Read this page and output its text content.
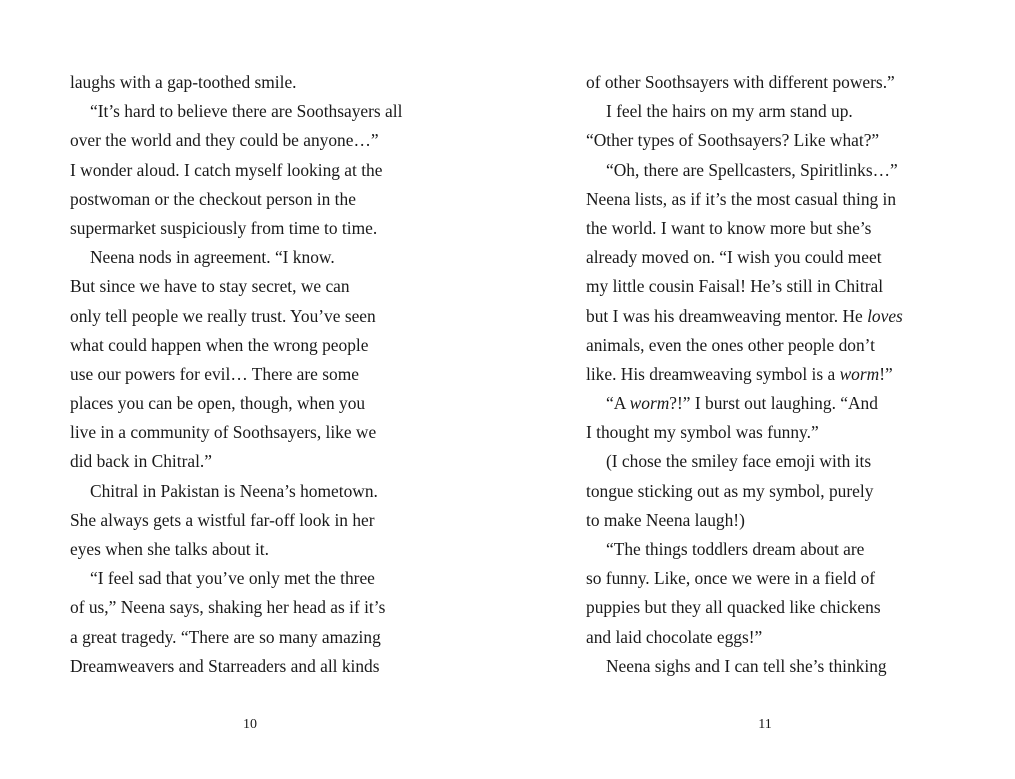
laughs with a gap-toothed smile.
“It’s hard to believe there are Soothsayers all
over the world and they could be anyone…”
I wonder aloud. I catch myself looking at the
postwoman or the checkout person in the
supermarket suspiciously from time to time.
Neena nods in agreement. “I know.
But since we have to stay secret, we can
only tell people we really trust. You’ve seen
what could happen when the wrong people
use our powers for evil… There are some
places you can be open, though, when you
live in a community of Soothsayers, like we
did back in Chitral.”
Chitral in Pakistan is Neena’s hometown.
She always gets a wistful far-off look in her
eyes when she talks about it.
“I feel sad that you’ve only met the three
of us,” Neena says, shaking her head as if it’s
a great tragedy. “There are so many amazing
Dreamweavers and Starreaders and all kinds
of other Soothsayers with different powers.”
I feel the hairs on my arm stand up.
“Other types of Soothsayers? Like what?”
“Oh, there are Spellcasters, Spiritlinks…”
Neena lists, as if it’s the most casual thing in
the world. I want to know more but she’s
already moved on. “I wish you could meet
my little cousin Faisal! He’s still in Chitral
but I was his dreamweaving mentor. He loves
animals, even the ones other people don’t
like. His dreamweaving symbol is a worm!”
“A worm?!” I burst out laughing. “And
I thought my symbol was funny.”
(I chose the smiley face emoji with its
tongue sticking out as my symbol, purely
to make Neena laugh!)
“The things toddlers dream about are
so funny. Like, once we were in a field of
puppies but they all quacked like chickens
and laid chocolate eggs!”
Neena sighs and I can tell she’s thinking
10	11
